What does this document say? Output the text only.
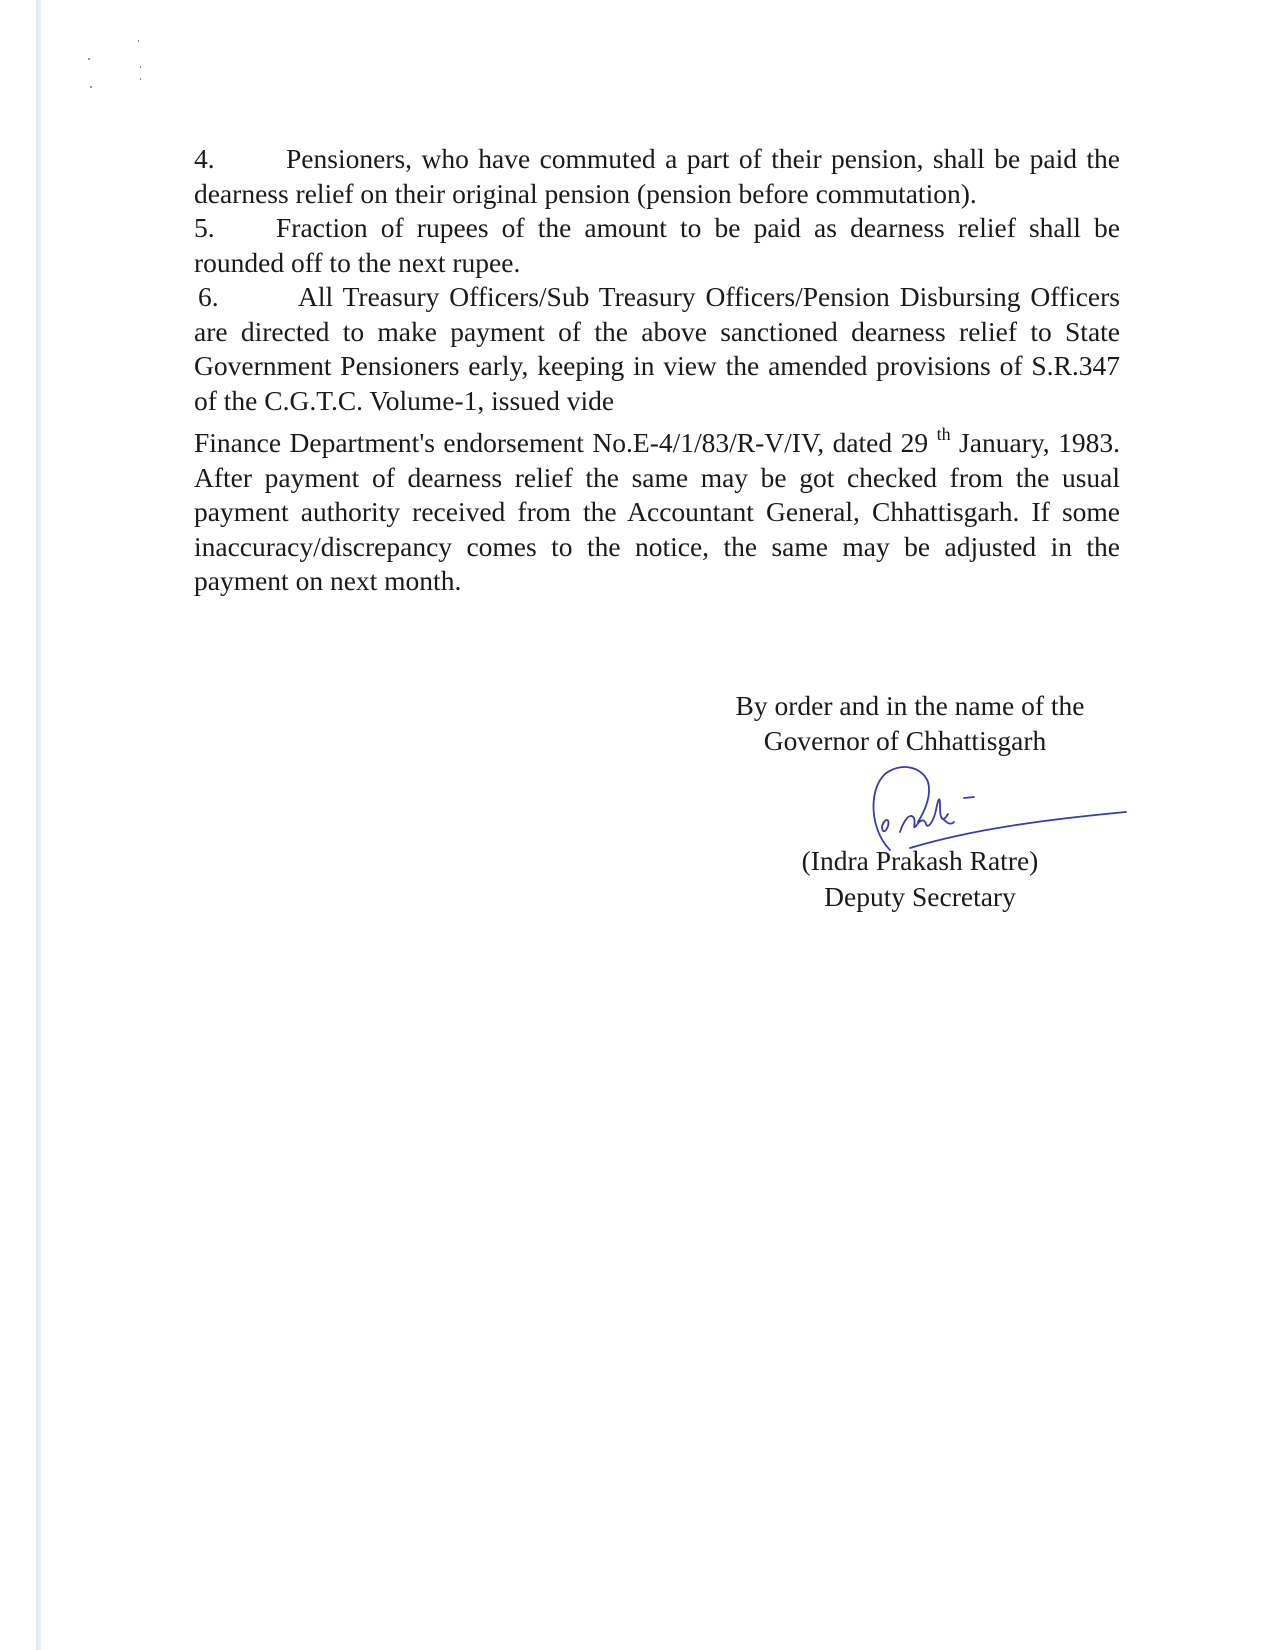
4.	Pensioners, who have commuted a part of their pension, shall be paid the dearness relief on their original pension (pension before commutation).

5. Fraction of rupees of the amount to be paid as dearness relief shall be rounded off to the next rupee.

6.	All Treasury Officers/Sub Treasury Officers/Pension Disbursing Officers are directed to make payment of the above sanctioned dearness relief to State Government Pensioners early, keeping in view the amended provisions of S.R.347 of the C.G.T.C. Volume-1, issued vide
Finance Department's endorsement No.E-4/1/83/R-V/IV, dated 29 $^{th}$ January, 1983. After payment of dearness relief the same may be got checked from the usual payment authority received from the Accountant General, Chhattisgarh. If some inaccuracy/discrepancy comes to the notice, the same may be adjusted in the payment on next month.

By order and in the name of the
Governor of Chhattisgarh
(Indra Prakash Ratre)
Deputy Secretary
